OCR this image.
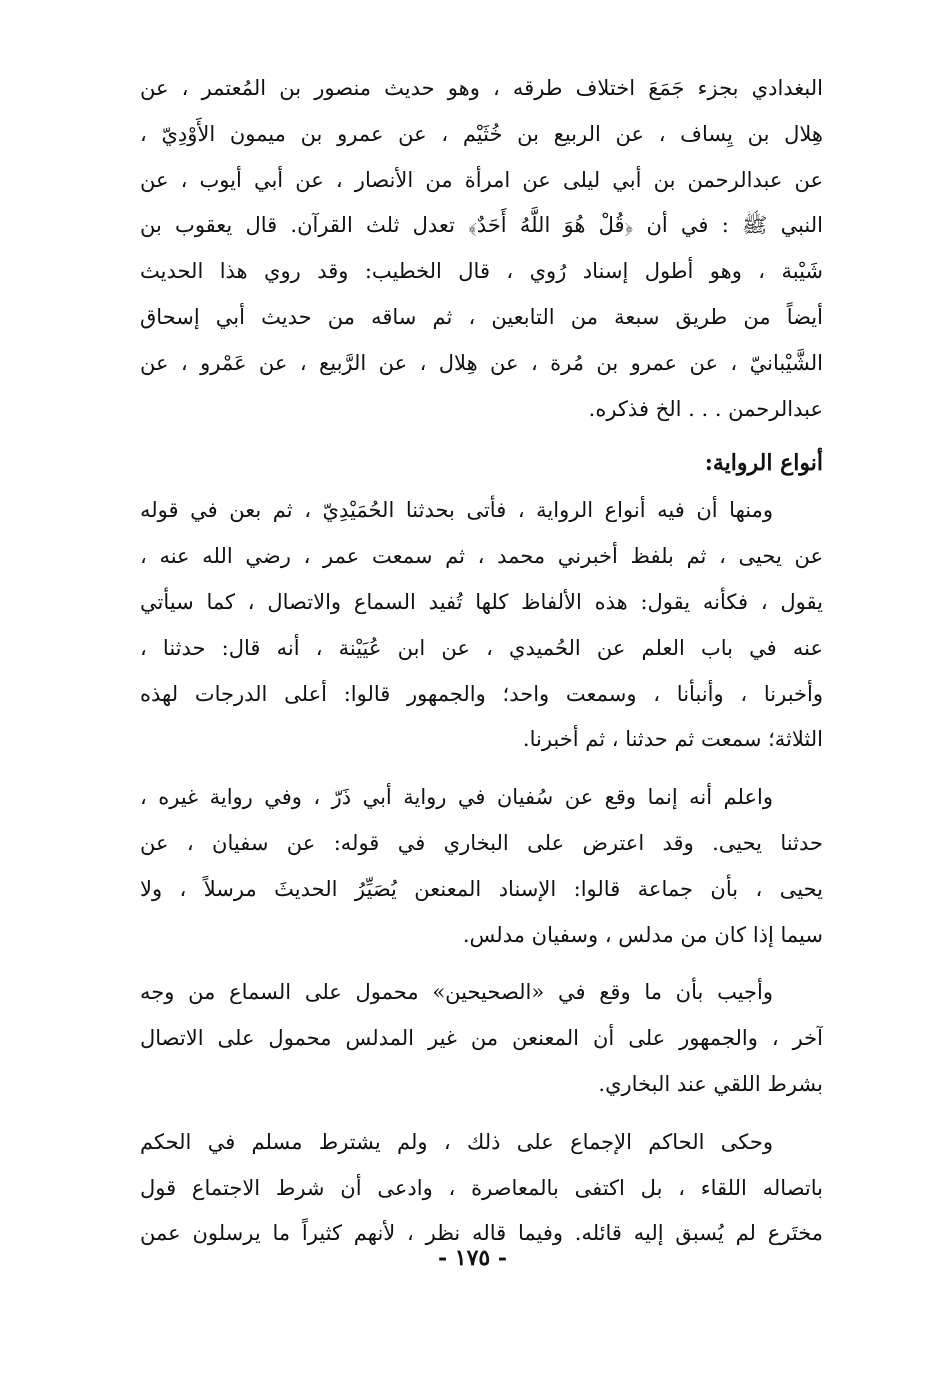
البغدادي بجزء جَمَعَ اختلاف طرقه ، وهو حديث منصور بن المُعتمر ، عن
هِلال بن يِساف ، عن الربيع بن خُثَيْم ، عن عمرو بن ميمون الأَوْدِيّ ،
عن عبدالرحمن بن أبي ليلى عن امرأة من الأنصار ، عن أبي أيوب ، عن
النبي ﷺ : في أن ﴿قُلْ هُوَ اللَّهُ أَحَدٌ﴾ تعدل ثلث القرآن. قال يعقوب بن
شَيْبة ، وهو أطول إسناد رُوي ، قال الخطيب: وقد روي هذا الحديث
أيضاً من طريق سبعة من التابعين ، ثم ساقه من حديث أبي إسحاق
الشَّيْبانيّ ، عن عمرو بن مُرة ، عن هِلال ، عن الرَّبيع ، عن عَمْرو ، عن
عبدالرحمن . . . الخ فذكره.
أنواع الرواية:
ومنها أن فيه أنواع الرواية ، فأتى بحدثنا الحُمَيْدِيّ ، ثم بعن في قوله
عن يحيى ، ثم بلفظ أخبرني محمد ، ثم سمعت عمر ، رضي الله عنه ،
يقول ، فكأنه يقول: هذه الألفاظ كلها تُفيد السماع والاتصال ، كما سيأتي
عنه في باب العلم عن الحُميدي ، عن ابن عُيَيْنة ، أنه قال: حدثنا ،
وأخبرنا ، وأنبأنا ، وسمعت واحد؛ والجمهور قالوا: أعلى الدرجات لهذه
الثلاثة؛ سمعت ثم حدثنا ، ثم أخبرنا.
واعلم أنه إنما وقع عن سُفيان في رواية أبي ذَرّ ، وفي رواية غيره ،
حدثنا يحيى. وقد اعترض على البخاري في قوله: عن سفيان ، عن
يحيى ، بأن جماعة قالوا: الإسناد المعنعن يُصَيِّرُ الحديثَ مرسلاً ، ولا
سيما إذا كان من مدلس ، وسفيان مدلس.
وأجيب بأن ما وقع في «الصحيحين» محمول على السماع من وجه
آخر ، والجمهور على أن المعنعن من غير المدلس محمول على الاتصال
بشرط اللقي عند البخاري.
وحكى الحاكم الإجماع على ذلك ، ولم يشترط مسلم في الحكم
باتصاله اللقاء ، بل اكتفى بالمعاصرة ، وادعى أن شرط الاجتماع قول
مختَرع لم يُسبق إليه قائله. وفيما قاله نظر ، لأنهم كثيراً ما يرسلون عمن
- ١٧٥ -
